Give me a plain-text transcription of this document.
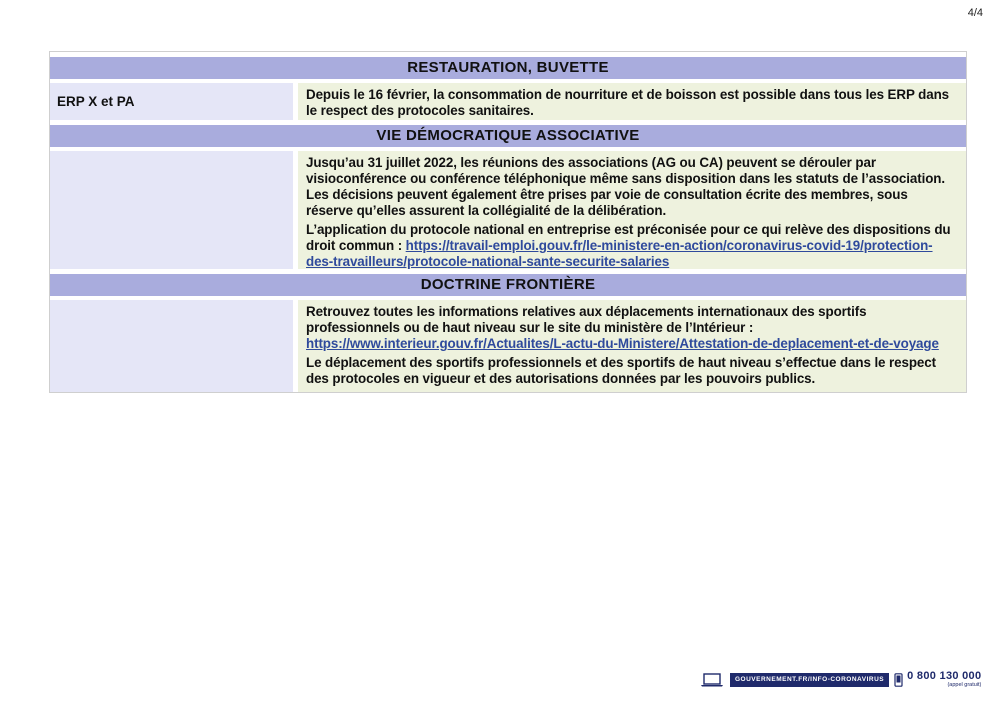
4/4
RESTAURATION, BUVETTE
ERP X et PA	Depuis le 16 février, la consommation de nourriture et de boisson est possible dans tous les ERP dans le respect des protocoles sanitaires.

VIE DÉMOCRATIQUE ASSOCIATIVE

Jusqu’au 31 juillet 2022, les réunions des associations (AG ou CA) peuvent se dérouler par visioconférence ou conférence téléphonique même sans disposition dans les statuts de l’association. Les décisions peuvent également être prises par voie de consultation écrite des membres, sous réserve qu’elles assurent la collégialité de la délibération.

L’application du protocole national en entreprise est préconisée pour ce qui relève des dispositions du droit commun : https://travail-emploi.gouv.fr/le-ministere-en-action/coronavirus-covid-19/protection-des-travailleurs/protocole-national-sante-securite-salaries

DOCTRINE FRONTIÈRE

Retrouvez toutes les informations relatives aux déplacements internationaux des sportifs professionnels ou de haut niveau sur le site du ministère de l’Intérieur : https://www.interieur.gouv.fr/Actualites/L-actu-du-Ministere/Attestation-de-deplacement-et-de-voyage

Le déplacement des sportifs professionnels et des sportifs de haut niveau s’effectue dans le respect des protocoles en vigueur et des autorisations données par les pouvoirs publics.

GOUVERNEMENT.FR/INFO-CORONAVIRUS	0 800 130 000
(appel gratuit)
